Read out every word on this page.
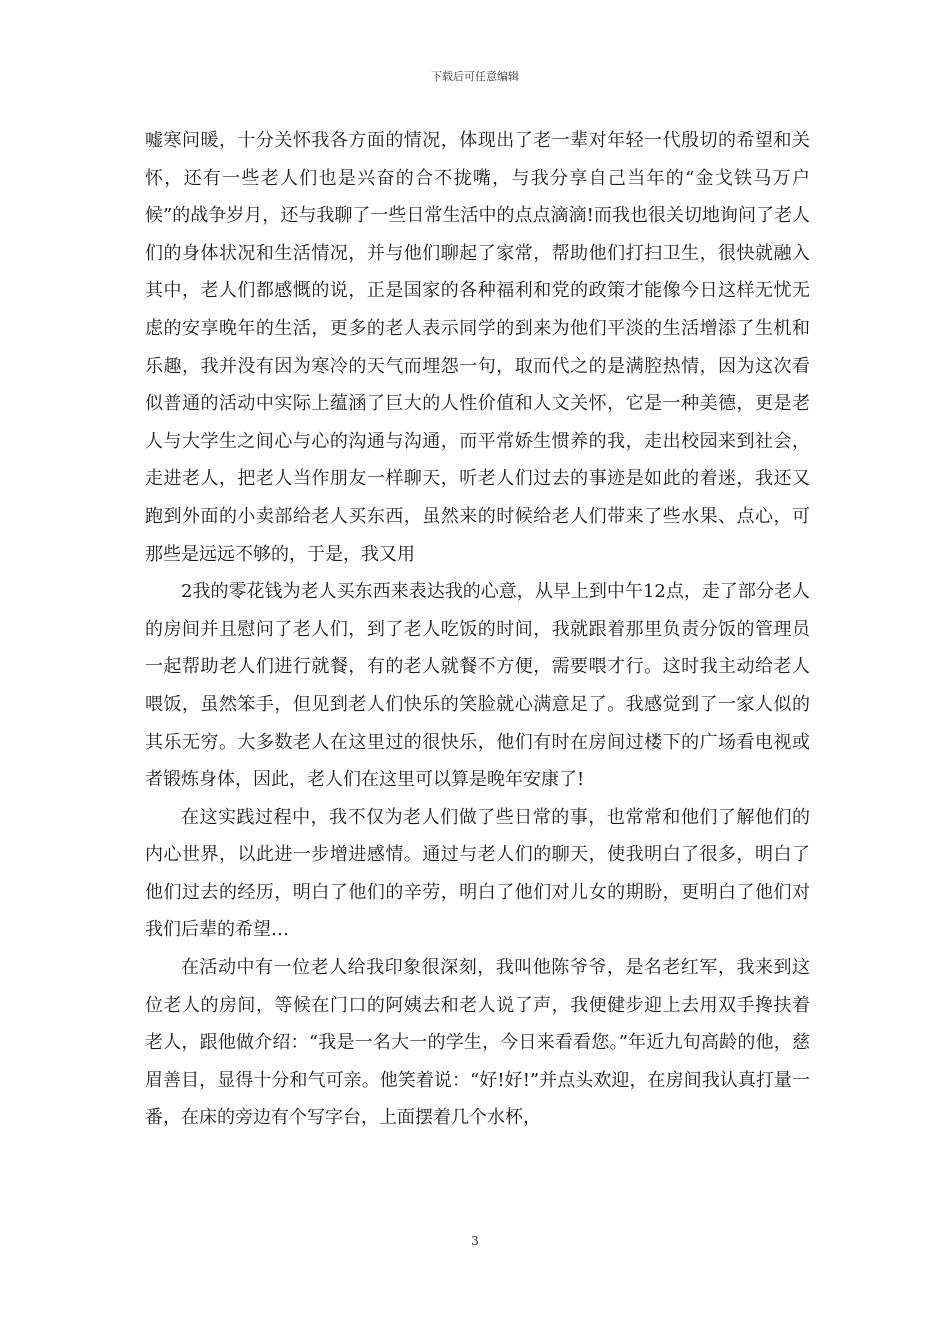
下载后可任意编辑

嘘寒问暖，十分关怀我各方面的情况，体现出了老一辈对年轻一代殷切的希望和关怀，还有一些老人们也是兴奋的合不拢嘴，与我分享自己当年的“金戈铁马万户候”的战争岁月，还与我聊了一些日常生活中的点点滴滴!而我也很关切地询问了老人们的身体状况和生活情况，并与他们聊起了家常，帮助他们打扫卫生，很快就融入其中，老人们都感慨的说，正是国家的各种福利和党的政策才能像今日这样无忧无虑的安享晚年的生活，更多的老人表示同学的到来为他们平淡的生活增添了生机和乐趣，我并没有因为寒冷的天气而埋怨一句，取而代之的是满腔热情，因为这次看似普通的活动中实际上蕴涵了巨大的人性价值和人文关怀，它是一种美德，更是老人与大学生之间心与心的沟通与沟通，而平常娇生惯养的我，走出校园来到社会，走进老人，把老人当作朋友一样聊天，听老人们过去的事迹是如此的着迷，我还又跑到外面的小卖部给老人买东西，虽然来的时候给老人们带来了些水果、点心，可那些是远远不够的，于是，我又用

2我的零花钱为老人买东西来表达我的心意，从早上到中午12点，走了部分老人的房间并且慰问了老人们，到了老人吃饭的时间，我就跟着那里负责分饭的管理员一起帮助老人们进行就餐，有的老人就餐不方便，需要喂才行。这时我主动给老人喂饭，虽然笨手，但见到老人们快乐的笑脸就心满意足了。我感觉到了一家人似的其乐无穷。大多数老人在这里过的很快乐，他们有时在房间过楼下的广场看电视或者锻炼身体，因此，老人们在这里可以算是晚年安康了!

在这实践过程中，我不仅为老人们做了些日常的事，也常常和他们了解他们的内心世界，以此进一步增进感情。通过与老人们的聊天，使我明白了很多，明白了他们过去的经历，明白了他们的辛劳，明白了他们对儿女的期盼，更明白了他们对我们后辈的希望…

在活动中有一位老人给我印象很深刻，我叫他陈爷爷，是名老红军，我来到这位老人的房间，等候在门口的阿姨去和老人说了声，我便健步迎上去用双手搀扶着老人，跟他做介绍：“我是一名大一的学生，今日来看看您。”年近九旬高龄的他，慈眉善目，显得十分和气可亲。他笑着说：“好!好!”并点头欢迎，在房间我认真打量一番，在床的旁边有个写字台，上面摆着几个水杯，

3
